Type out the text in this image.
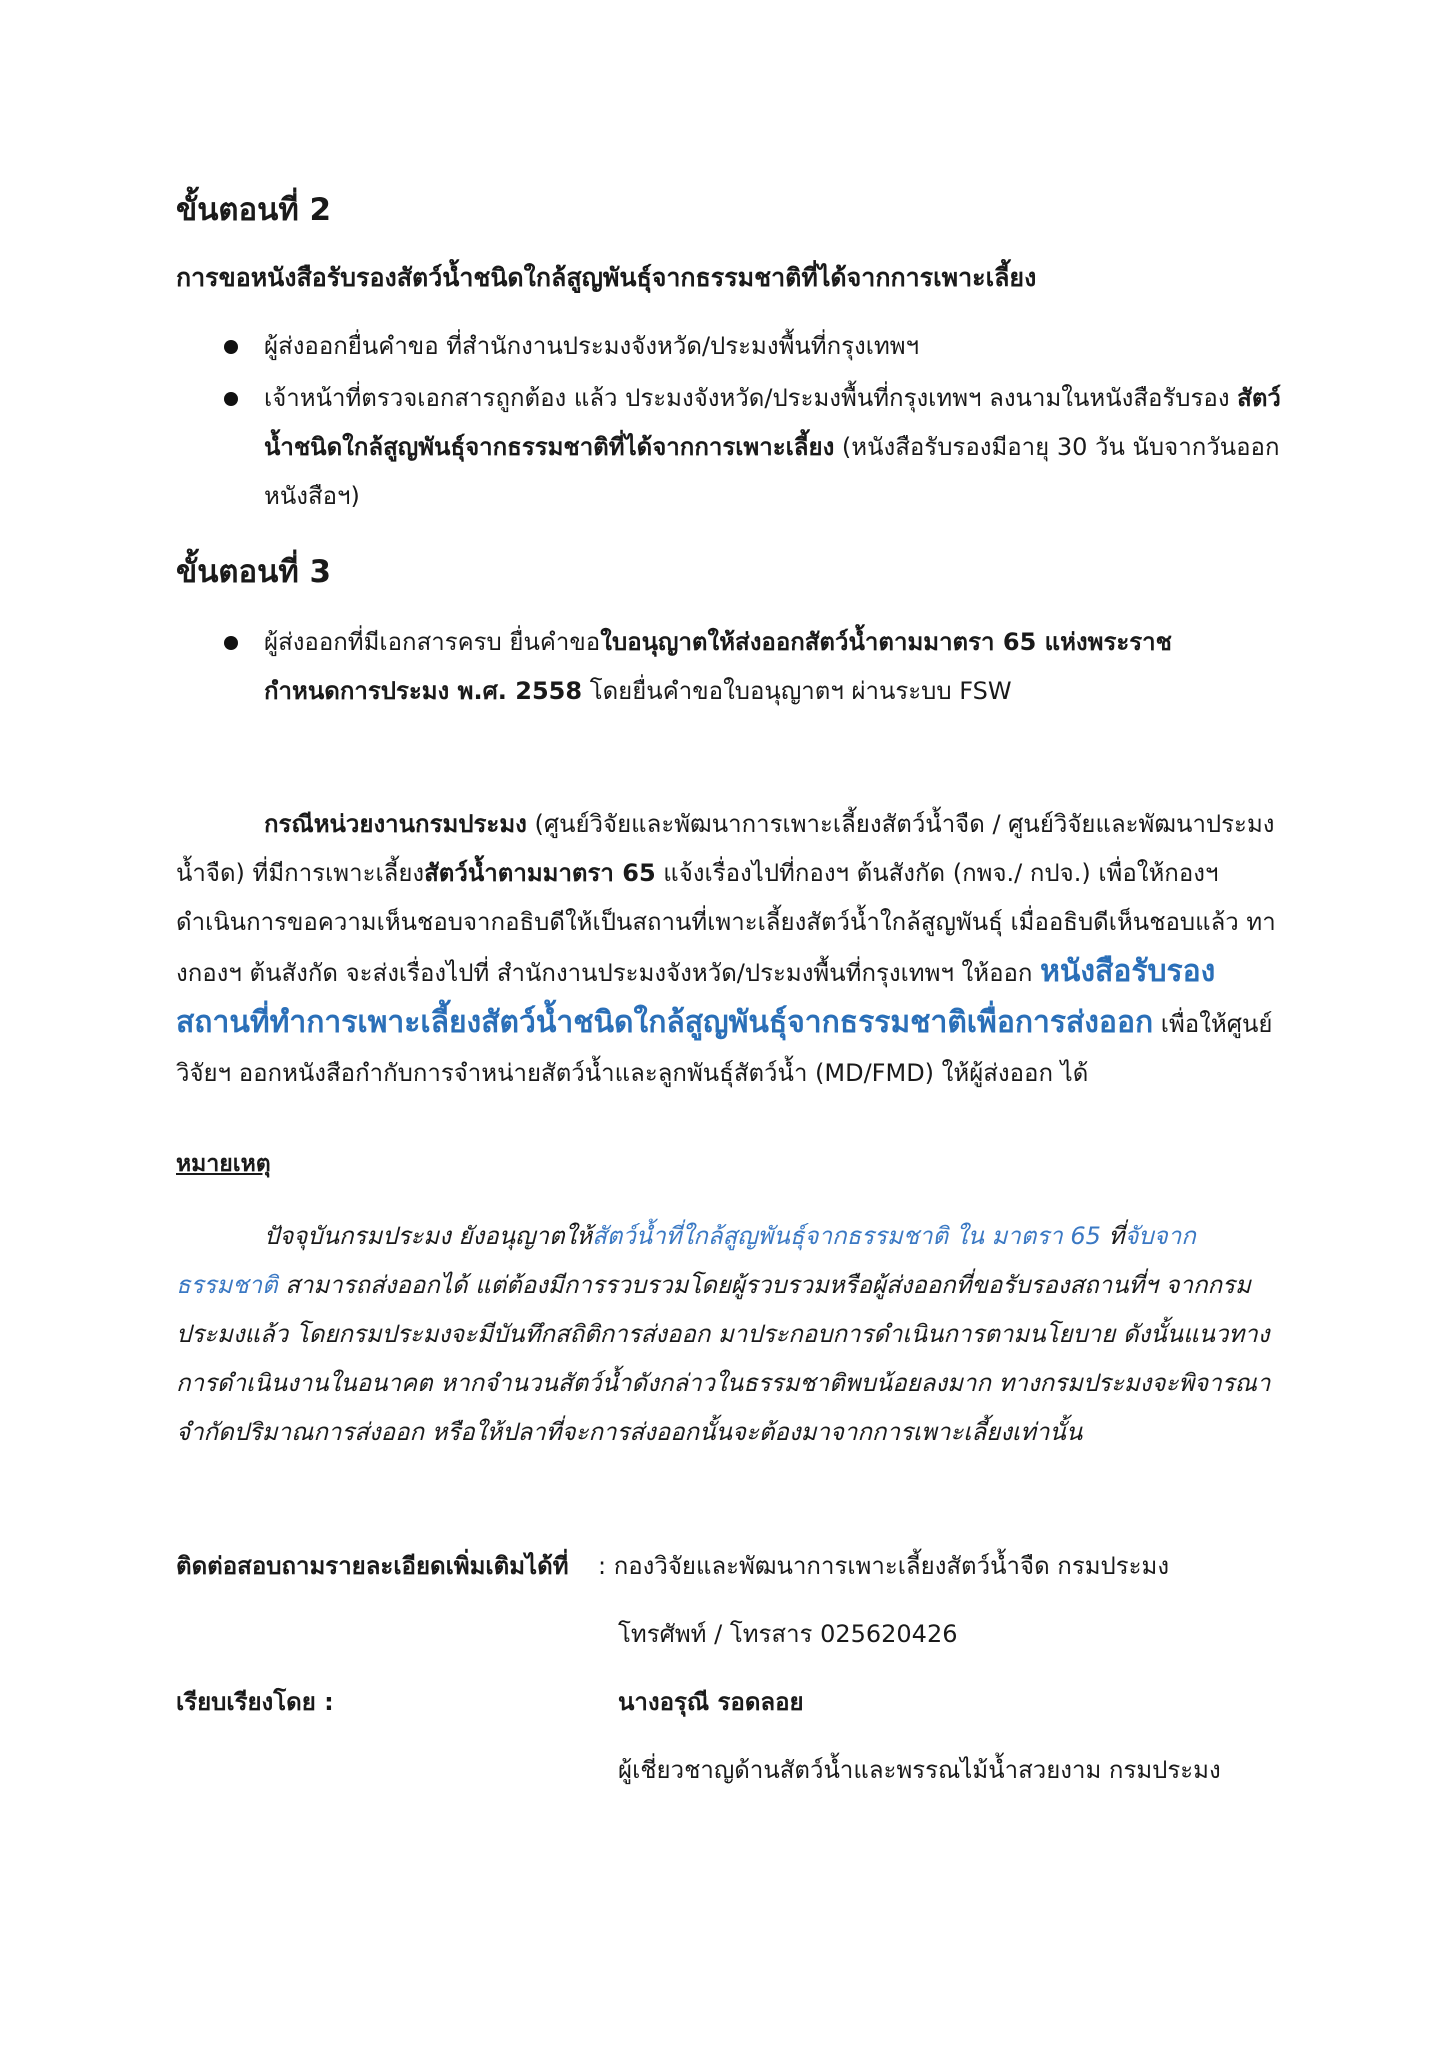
ขั้นตอนที่ 2
การขอหนังสือรับรองสัตว์น้ำชนิดใกล้สูญพันธุ์จากธรรมชาติที่ได้จากการเพาะเลี้ยง
ผู้ส่งออกยื่นคำขอ ที่สำนักงานประมงจังหวัด/ประมงพื้นที่กรุงเทพฯ
เจ้าหน้าที่ตรวจเอกสารถูกต้อง แล้ว ประมงจังหวัด/ประมงพื้นที่กรุงเทพฯ ลงนามในหนังสือรับรอง สัตว์น้ำชนิดใกล้สูญพันธุ์จากธรรมชาติที่ได้จากการเพาะเลี้ยง (หนังสือรับรองมีอายุ 30 วัน นับจากวันออกหนังสือฯ)
ขั้นตอนที่ 3
ผู้ส่งออกที่มีเอกสารครบ ยื่นคำขอใบอนุญาตให้ส่งออกสัตว์น้ำตามมาตรา 65 แห่งพระราชกำหนดการประมง พ.ศ. 2558 โดยยื่นคำขอใบอนุญาตฯ ผ่านระบบ FSW

กรณีหน่วยงานกรมประมง (ศูนย์วิจัยและพัฒนาการเพาะเลี้ยงสัตว์น้ำจืด / ศูนย์วิจัยและพัฒนาประมงน้ำจืด) ที่มีการเพาะเลี้ยงสัตว์น้ำตามมาตรา 65 แจ้งเรื่องไปที่กองฯ ต้นสังกัด (กพจ./ กปจ.) เพื่อให้กองฯ ดำเนินการขอความเห็นชอบจากอธิบดีให้เป็นสถานที่เพาะเลี้ยงสัตว์น้ำใกล้สูญพันธุ์ เมื่ออธิบดีเห็นชอบแล้ว ทางกองฯ ต้นสังกัด จะส่งเรื่องไปที่ สำนักงานประมงจังหวัด/ประมงพื้นที่กรุงเทพฯ ให้ออก หนังสือรับรองสถานที่ทำการเพาะเลี้ยงสัตว์น้ำชนิดใกล้สูญพันธุ์จากธรรมชาติเพื่อการส่งออก เพื่อให้ศูนย์วิจัยฯ ออกหนังสือกำกับการจำหน่ายสัตว์น้ำและลูกพันธุ์สัตว์น้ำ (MD/FMD) ให้ผู้ส่งออก ได้

หมายเหตุ

ปัจจุบันกรมประมง ยังอนุญาตให้สัตว์น้ำที่ใกล้สูญพันธุ์จากธรรมชาติ ใน มาตรา 65 ที่จับจากธรรมชาติ สามารถส่งออกได้ แต่ต้องมีการรวบรวมโดยผู้รวบรวมหรือผู้ส่งออกที่ขอรับรองสถานที่ฯ จากกรมประมงแล้ว โดยกรมประมงจะมีบันทึกสถิติการส่งออก มาประกอบการดำเนินการตามนโยบาย ดังนั้นแนวทางการดำเนินงานในอนาคต หากจำนวนสัตว์น้ำดังกล่าวในธรรมชาติพบน้อยลงมาก ทางกรมประมงจะพิจารณาจำกัดปริมาณการส่งออก หรือให้ปลาที่จะการส่งออกนั้นจะต้องมาจากการเพาะเลี้ยงเท่านั้น

ติดต่อสอบถามรายละเอียดเพิ่มเติมได้ที่ : กองวิจัยและพัฒนาการเพาะเลี้ยงสัตว์น้ำจืด กรมประมง
โทรศัพท์ / โทรสาร 025620426
เรียบเรียงโดย :	นางอรุณี รอดลอย
ผู้เชี่ยวชาญด้านสัตว์น้ำและพรรณไม้น้ำสวยงาม กรมประมง
